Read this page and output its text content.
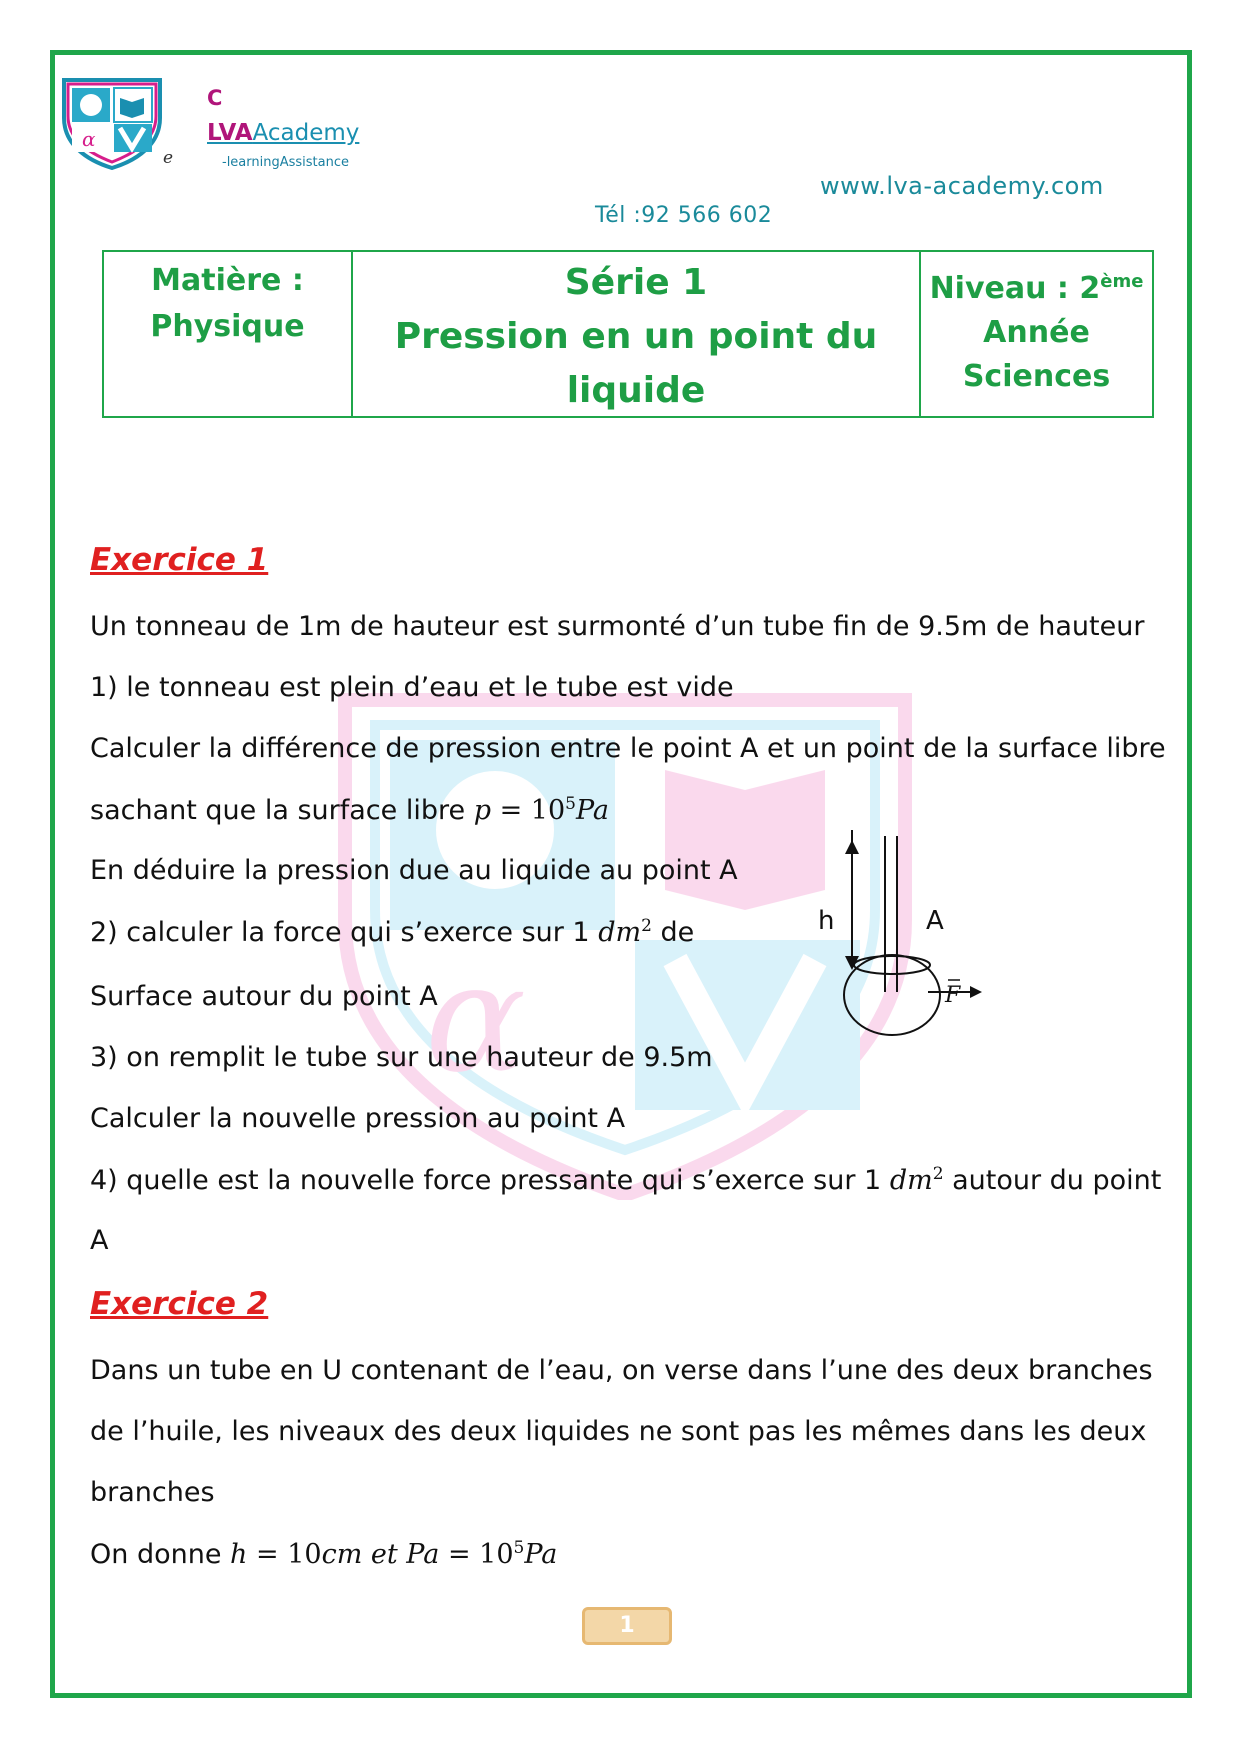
α
C
LVAAcademy
e	-learningAssistance
www.lva-academy.com
Tél :92 566 602
Matière :
Physique
Série 1
Pression en un point du
liquide
Niveau : 2ème
Année
Sciences
α
Exercice 1
Un tonneau de 1m de hauteur est surmonté d’un tube fin de 9.5m de hauteur
1) le tonneau est plein d’eau et le tube est vide
Calculer la différence de pression entre le point A et un point de la surface libre
sachant que la surface libre $p = 10^5Pa$
En déduire la pression due au liquide au point A
2) calculer la force qui s’exerce sur 1 $dm^2$ de
Surface autour du point A
3) on remplit le tube sur une hauteur de 9.5m
Calculer la nouvelle pression au point A
4) quelle est la nouvelle force pressante qui s’exerce sur 1 $dm^2$ autour du point
A
h	A
F
Exercice 2
Dans un tube en U contenant de l’eau, on verse dans l’une des deux branches
de l’huile, les niveaux des deux liquides ne sont pas les mêmes dans les deux
branches
On donne h = 10cm et $Pa = 10^5Pa$
1
